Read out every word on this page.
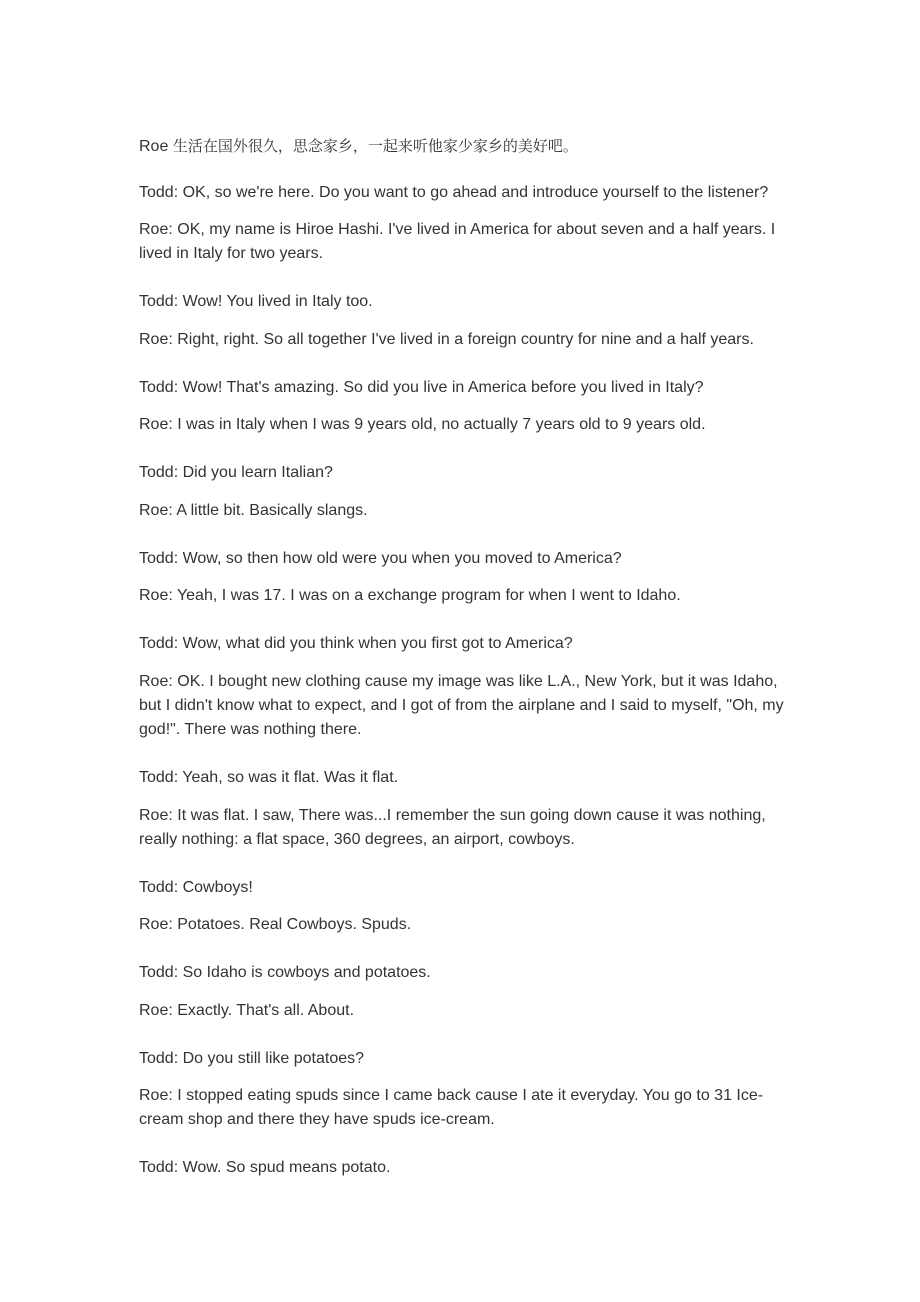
Roe 生活在国外很久，思念家乡，一起来听他家少家乡的美好吧。

Todd: OK, so we're here. Do you want to go ahead and introduce yourself to the listener?

Roe: OK, my name is Hiroe Hashi. I've lived in America for about seven and a half years. I lived in Italy for two years.

Todd: Wow! You lived in Italy too.

Roe: Right, right. So all together I've lived in a foreign country for nine and a half years.

Todd: Wow! That's amazing. So did you live in America before you lived in Italy?

Roe: I was in Italy when I was 9 years old, no actually 7 years old to 9 years old.

Todd: Did you learn Italian?

Roe: A little bit. Basically slangs.

Todd: Wow, so then how old were you when you moved to America?

Roe: Yeah, I was 17. I was on a exchange program for when I went to Idaho.

Todd: Wow, what did you think when you first got to America?

Roe: OK. I bought new clothing cause my image was like L.A., New York, but it was Idaho, but I didn't know what to expect, and I got of from the airplane and I said to myself, "Oh, my god!". There was nothing there.

Todd: Yeah, so was it flat. Was it flat.

Roe: It was flat. I saw, There was...I remember the sun going down cause it was nothing, really nothing: a flat space, 360 degrees, an airport, cowboys.

Todd: Cowboys!

Roe: Potatoes. Real Cowboys. Spuds.

Todd: So Idaho is cowboys and potatoes.

Roe: Exactly. That's all. About.

Todd: Do you still like potatoes?

Roe: I stopped eating spuds since I came back cause I ate it everyday. You go to 31 Ice-cream shop and there they have spuds ice-cream.

Todd: Wow. So spud means potato.
